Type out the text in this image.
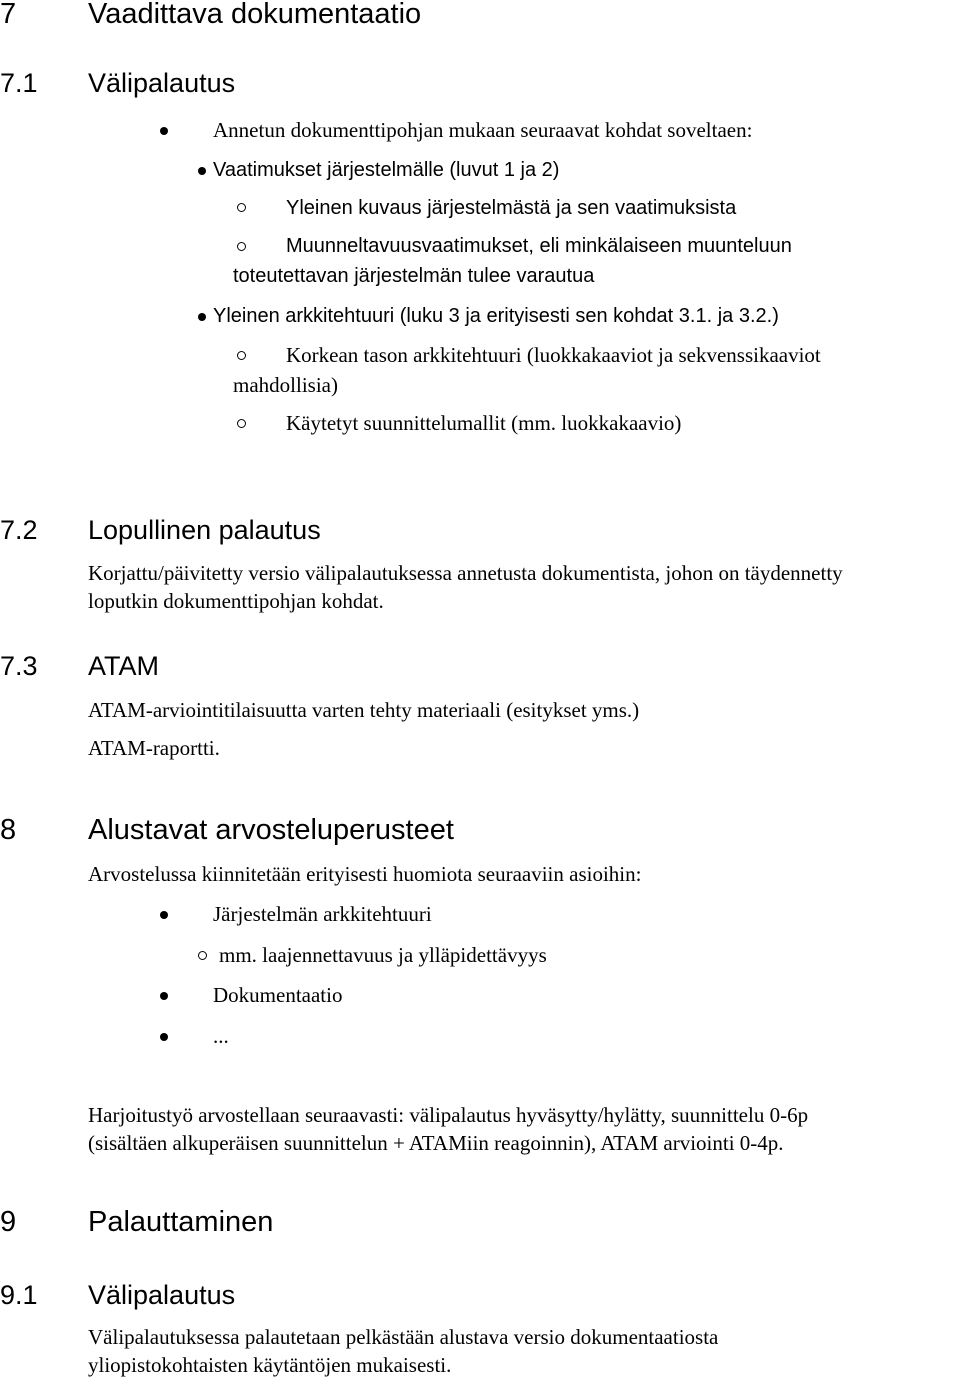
7 Vaadittava dokumentaatio
7.1 Välipalautus

Annetun dokumenttipohjan mukaan seuraavat kohdat soveltaen:

Vaatimukset järjestelmälle (luvut 1 ja 2)

Yleinen kuvaus järjestelmästä ja sen vaatimuksista

Muunneltavuusvaatimukset, eli minkälaiseen muunteluun

toteutettavan järjestelmän tulee varautua

Yleinen arkkitehtuuri (luku 3 ja erityisesti sen kohdat 3.1. ja 3.2.)

Korkean tason arkkitehtuuri (luokkakaaviot ja sekvenssikaaviot

mahdollisia)

Käytetyt suunnittelumallit (mm. luokkakaavio)

7.2 Lopullinen palautus

Korjattu/päivitetty versio välipalautuksessa annetusta dokumentista, johon on täydennetty

loputkin dokumenttipohjan kohdat.

7.3 ATAM

ATAM-arviointitilaisuutta varten tehty materiaali (esitykset yms.)

ATAM-raportti.

8 Alustavat arvosteluperusteet

Arvostelussa kiinnitetään erityisesti huomiota seuraaviin asioihin:

Järjestelmän arkkitehtuuri

mm. laajennettavuus ja ylläpidettävyys

Dokumentaatio

...

Harjoitustyö arvostellaan seuraavasti: välipalautus hyväsytty/hylätty, suunnittelu 0-6p

(sisältäen alkuperäisen suunnittelun + ATAMiin reagoinnin), ATAM arviointi 0-4p.

9 Palauttaminen
9.1 Välipalautus

Välipalautuksessa palautetaan pelkästään alustava versio dokumentaatiosta

yliopistokohtaisten käytäntöjen mukaisesti.
